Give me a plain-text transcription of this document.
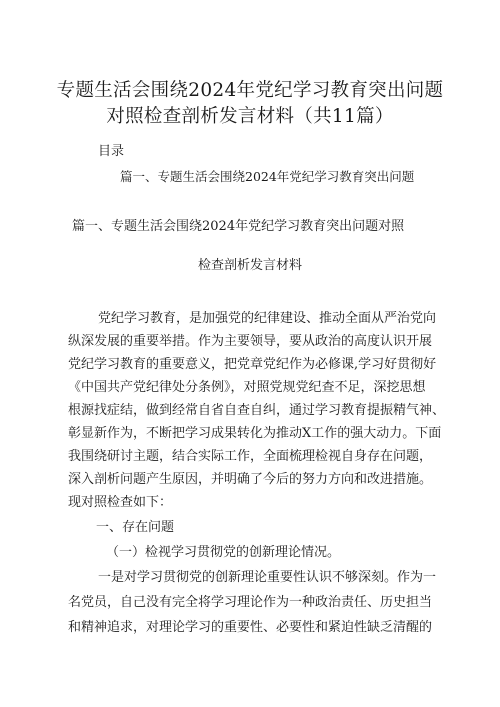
专题生活会围绕2024年党纪学习教育突出问题
对照检查剖析发言材料（共11篇）
目录
篇一、专题生活会围绕2024年党纪学习教育突出问题
篇一、专题生活会围绕2024年党纪学习教育突出问题对照
检查剖析发言材料
党纪学习教育，是加强党的纪律建设、推动全面从严治党向
纵深发展的重要举措。作为主要领导，要从政治的高度认识开展
党纪学习教育的重要意义，把党章党纪作为必修课,学习好贯彻好
《中国共产党纪律处分条例》，对照党规党纪查不足，深挖思想
根源找症结，做到经常自省自查自纠，通过学习教育提振精气神、
彰显新作为，不断把学习成果转化为推动X工作的强大动力。下面
我围绕研讨主题，结合实际工作，全面梳理检视自身存在问题，
深入剖析问题产生原因，并明确了今后的努力方向和改进措施。
现对照检查如下：
一、存在问题
（一）检视学习贯彻党的创新理论情况。
一是对学习贯彻党的创新理论重要性认识不够深刻。作为一
名党员，自己没有完全将学习理论作为一种政治责任、历史担当
和精神追求，对理论学习的重要性、必要性和紧迫性缺乏清醒的
